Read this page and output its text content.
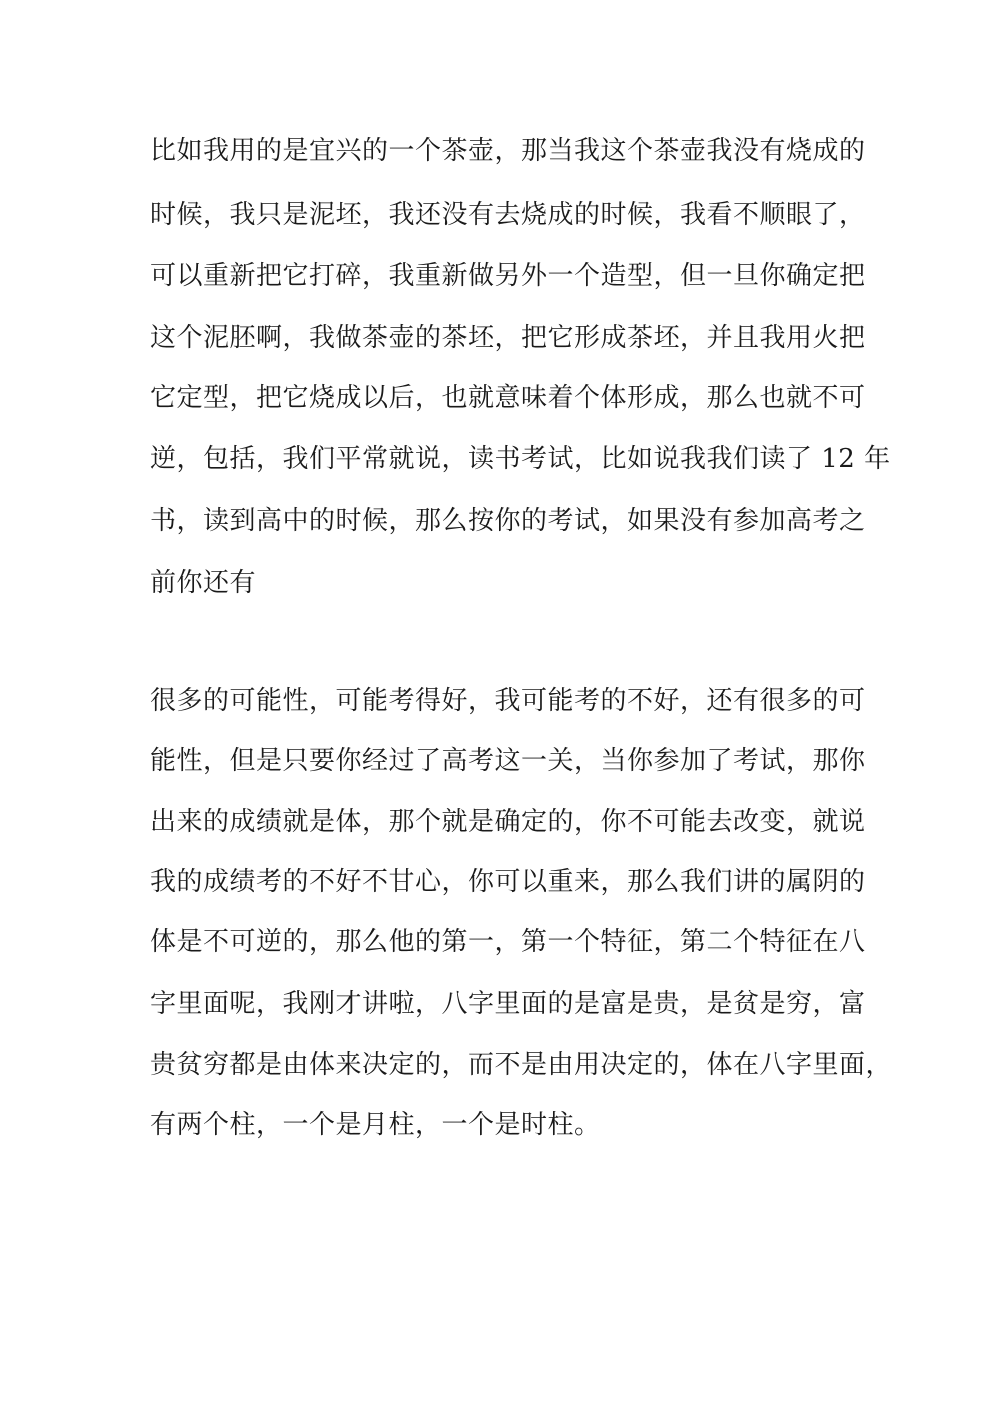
比如我用的是宜兴的一个茶壶，那当我这个茶壶我没有烧成的
时候，我只是泥坯，我还没有去烧成的时候，我看不顺眼了，
可以重新把它打碎，我重新做另外一个造型，但一旦你确定把
这个泥胚啊，我做茶壶的茶坯，把它形成茶坯，并且我用火把
它定型，把它烧成以后，也就意味着个体形成，那么也就不可
逆，包括，我们平常就说，读书考试，比如说我我们读了 12 年
书，读到高中的时候，那么按你的考试，如果没有参加高考之
前你还有
很多的可能性，可能考得好，我可能考的不好，还有很多的可
能性，但是只要你经过了高考这一关，当你参加了考试，那你
出来的成绩就是体，那个就是确定的，你不可能去改变，就说
我的成绩考的不好不甘心，你可以重来，那么我们讲的属阴的
体是不可逆的，那么他的第一，第一个特征，第二个特征在八
字里面呢，我刚才讲啦，八字里面的是富是贵，是贫是穷，富
贵贫穷都是由体来决定的，而不是由用决定的，体在八字里面，
有两个柱，一个是月柱，一个是时柱。
